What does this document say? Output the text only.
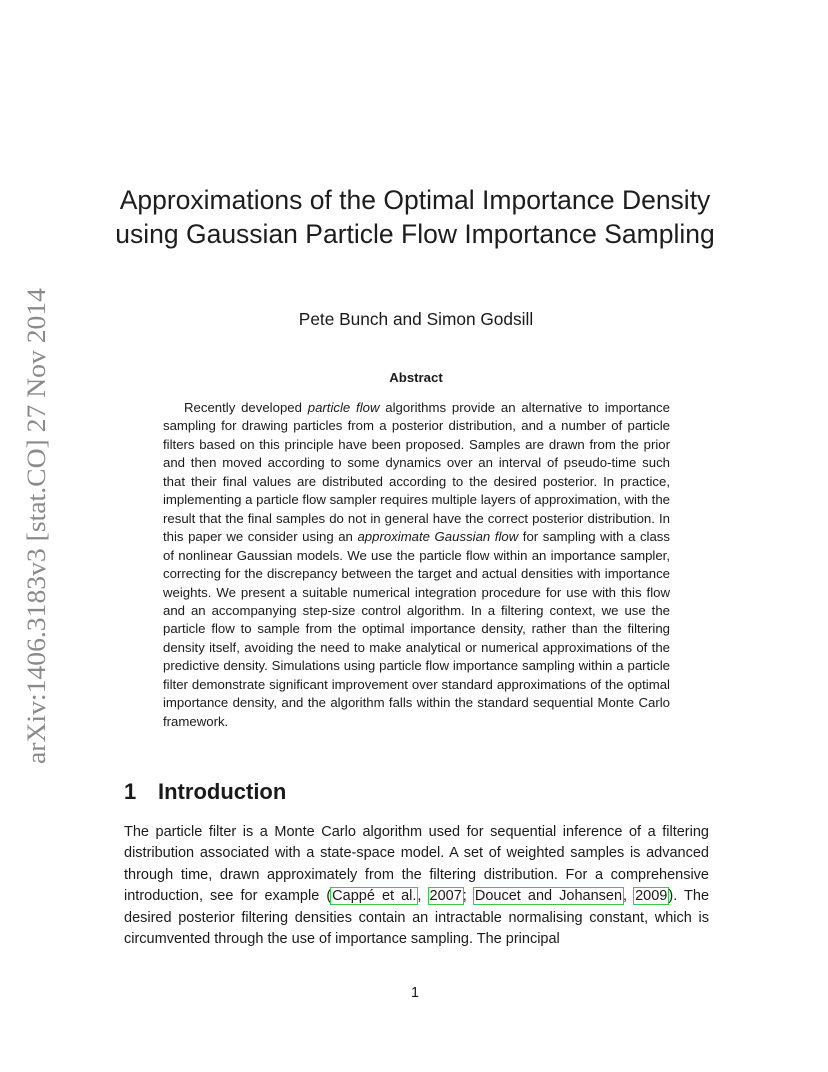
arXiv:1406.3183v3 [stat.CO] 27 Nov 2014
Approximations of the Optimal Importance Density using Gaussian Particle Flow Importance Sampling

Pete Bunch and Simon Godsill

Abstract

Recently developed particle flow algorithms provide an alternative to importance sampling for drawing particles from a posterior distribution, and a number of particle filters based on this principle have been proposed. Samples are drawn from the prior and then moved according to some dynamics over an interval of pseudo-time such that their final values are distributed according to the desired posterior. In practice, implementing a particle flow sampler requires multiple layers of approximation, with the result that the final samples do not in general have the correct posterior distribution. In this paper we consider using an approximate Gaussian flow for sampling with a class of nonlinear Gaussian models. We use the particle flow within an importance sampler, correcting for the discrepancy between the target and actual densities with importance weights. We present a suitable numerical integration procedure for use with this flow and an accompanying step-size control algorithm. In a filtering context, we use the particle flow to sample from the optimal importance density, rather than the filtering density itself, avoiding the need to make analytical or numerical approximations of the predictive density. Simulations using particle flow importance sampling within a particle filter demonstrate significant improvement over standard approximations of the optimal importance density, and the algorithm falls within the standard sequential Monte Carlo framework.

1 Introduction

The particle filter is a Monte Carlo algorithm used for sequential inference of a filtering distribution associated with a state-space model. A set of weighted samples is advanced through time, drawn approximately from the filtering distribution. For a comprehensive introduction, see for example (Cappé et al., 2007; Doucet and Johansen, 2009). The desired posterior filtering densities contain an intractable normalising constant, which is circumvented through the use of importance sampling. The principal

1
